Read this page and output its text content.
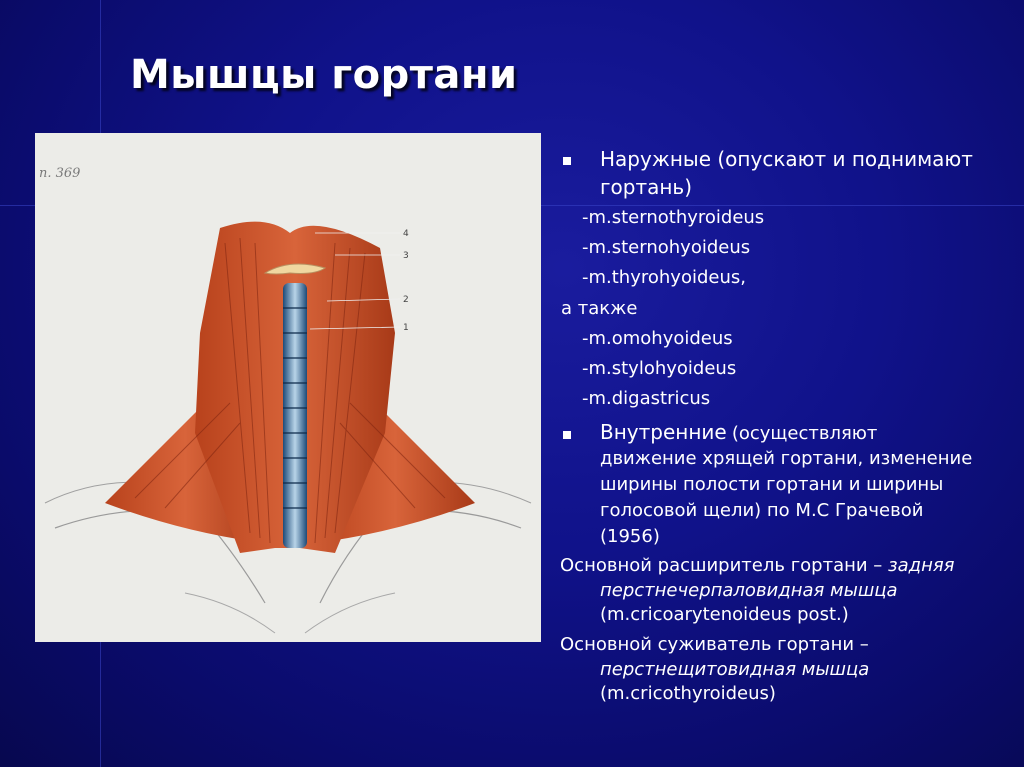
Мышцы гортани
4
3
2
1
п. 369

Наружные (опускают и поднимают

гортань)

-m.sternothyroideus

-m.sternohyoideus

-m.thyrohyoideus,

а также

-m.omohyoideus

-m.stylohyoideus

-m.digastricus

Внутренние (осуществляют

движение хрящей гортани, изменение

ширины полости гортани и ширины

голосовой щели) по М.С Грачевой

(1956)

Основной расширитель гортани – задняя

перстнечерпаловидная мышца

(m.cricoarytenoideus post.)

Основной суживатель гортани –

перстнещитовидная мышца

(m.cricothyroideus)
